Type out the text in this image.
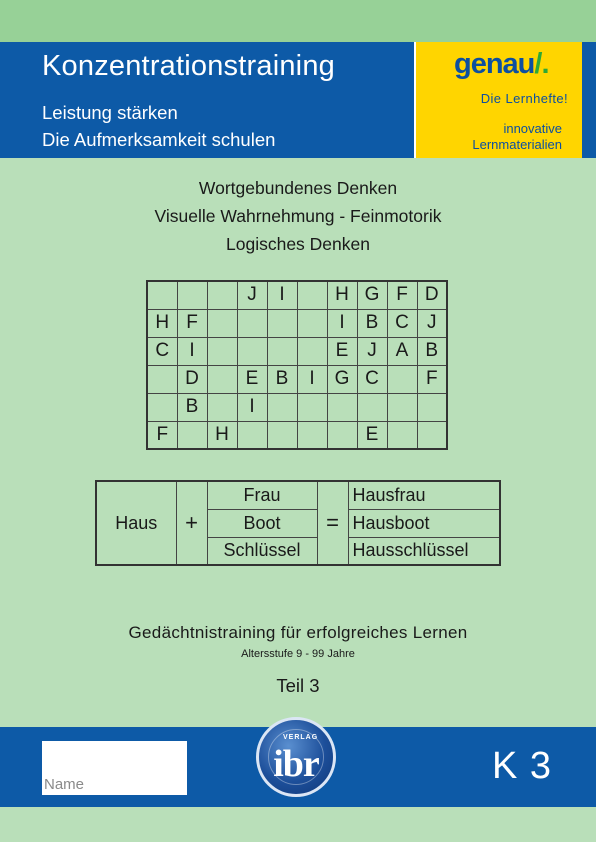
Konzentrationstraining
Leistung stärken
Die Aufmerksamkeit schulen
genau/.
Die Lernhefte!
innovative
Lernmaterialien
Wortgebundenes Denken
Visuelle Wahrnehmung - Feinmotorik
Logisches Denken
			J	I		H	G	F	D
H	F					I	B	C	J
C	I					E	J	A	B
	D		E	B	I	G	C		F
	B		I						
F		H					E		
Haus	+	Frau	=	Hausfrau
		Boot		Hausboot
		Schlüssel		Hausschlüssel
Gedächtnistraining für erfolgreiches Lernen
Altersstufe 9 - 99 Jahre
Teil 3
Name
VERLAG
ibr	K 3
